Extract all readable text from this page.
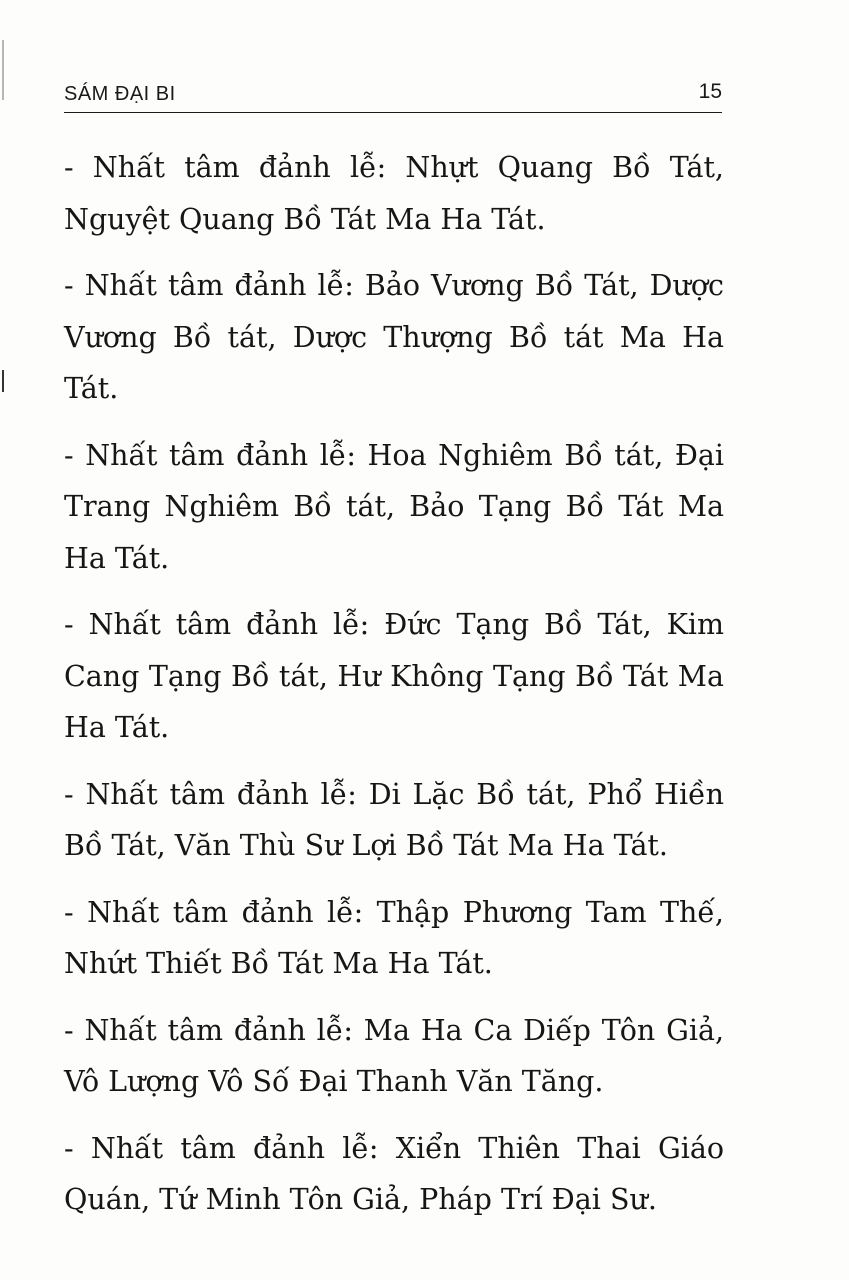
SÁM ĐẠI BI	15

- Nhất tâm đảnh lễ: Nhựt Quang Bồ Tát, Nguyệt Quang Bồ Tát Ma Ha Tát.

- Nhất tâm đảnh lễ: Bảo Vương Bồ Tát, Dược Vương Bồ tát, Dược Thượng Bồ tát Ma Ha Tát.

- Nhất tâm đảnh lễ: Hoa Nghiêm Bồ tát, Đại Trang Nghiêm Bồ tát, Bảo Tạng Bồ Tát Ma Ha Tát.

- Nhất tâm đảnh lễ: Đức Tạng Bồ Tát, Kim Cang Tạng Bồ tát, Hư Không Tạng Bồ Tát Ma Ha Tát.

- Nhất tâm đảnh lễ: Di Lặc Bồ tát, Phổ Hiền Bồ Tát, Văn Thù Sư Lợi Bồ Tát Ma Ha Tát.

- Nhất tâm đảnh lễ: Thập Phương Tam Thế, Nhứt Thiết Bồ Tát Ma Ha Tát.

- Nhất tâm đảnh lễ: Ma Ha Ca Diếp Tôn Giả, Vô Lượng Vô Số Đại Thanh Văn Tăng.

- Nhất tâm đảnh lễ: Xiển Thiên Thai Giáo Quán, Tứ Minh Tôn Giả, Pháp Trí Đại Sư.
